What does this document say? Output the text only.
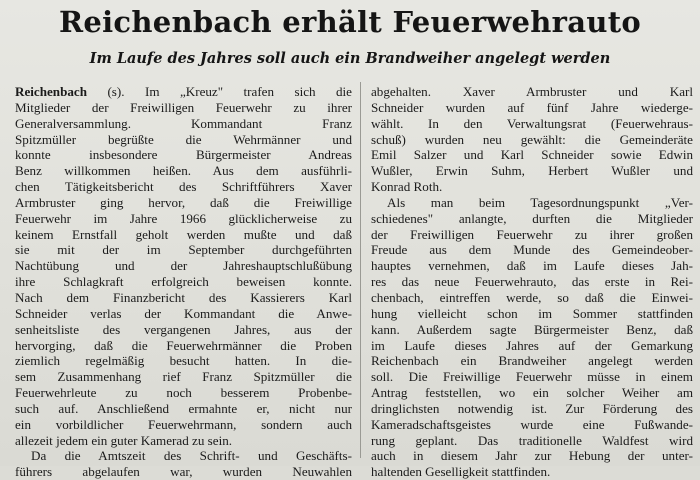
Reichenbach erhält Feuerwehrauto
Im Laufe des Jahres soll auch ein Brandweiher angelegt werden
Reichenbach (s). Im „Kreuz" trafen sich die
Mitglieder der Freiwilligen Feuerwehr zu ihrer
Generalversammlung. Kommandant Franz
Spitzmüller begrüßte die Wehrmänner und
konnte insbesondere Bürgermeister Andreas
Benz willkommen heißen. Aus dem ausführli-
chen Tätigkeitsbericht des Schriftführers Xaver
Armbruster ging hervor, daß die Freiwillige
Feuerwehr im Jahre 1966 glücklicherweise zu
keinem Ernstfall geholt werden mußte und daß
sie mit der im September durchgeführten
Nachtübung und der Jahreshauptschlußübung
ihre Schlagkraft erfolgreich beweisen konnte.
Nach dem Finanzbericht des Kassierers Karl
Schneider verlas der Kommandant die Anwe-
senheitsliste des vergangenen Jahres, aus der
hervorging, daß die Feuerwehrmänner die Proben
ziemlich regelmäßig besucht hatten. In die-
sem Zusammenhang rief Franz Spitzmüller die
Feuerwehrleute zu noch besserem Probenbe-
such auf. Anschließend ermahnte er, nicht nur
ein vorbildlicher Feuerwehrmann, sondern auch
allezeit jedem ein guter Kamerad zu sein.
Da die Amtszeit des Schrift- und Geschäfts-
führers abgelaufen war, wurden Neuwahlen
abgehalten. Xaver Armbruster und Karl
Schneider wurden auf fünf Jahre wiederge-
wählt. In den Verwaltungsrat (Feuerwehraus-
schuß) wurden neu gewählt: die Gemeinderäte
Emil Salzer und Karl Schneider sowie Edwin
Wußler, Erwin Suhm, Herbert Wußler und
Konrad Roth.
Als man beim Tagesordnungspunkt „Ver-
schiedenes" anlangte, durften die Mitglieder
der Freiwilligen Feuerwehr zu ihrer großen
Freude aus dem Munde des Gemeindeober-
hauptes vernehmen, daß im Laufe dieses Jah-
res das neue Feuerwehrauto, das erste in Rei-
chenbach, eintreffen werde, so daß die Einwei-
hung vielleicht schon im Sommer stattfinden
kann. Außerdem sagte Bürgermeister Benz, daß
im Laufe dieses Jahres auf der Gemarkung
Reichenbach ein Brandweiher angelegt werden
soll. Die Freiwillige Feuerwehr müsse in einem
Antrag feststellen, wo ein solcher Weiher am
dringlichsten notwendig ist. Zur Förderung des
Kameradschaftsgeistes wurde eine Fußwande-
rung geplant. Das traditionelle Waldfest wird
auch in diesem Jahr zur Hebung der unter-
haltenden Geselligkeit stattfinden.
